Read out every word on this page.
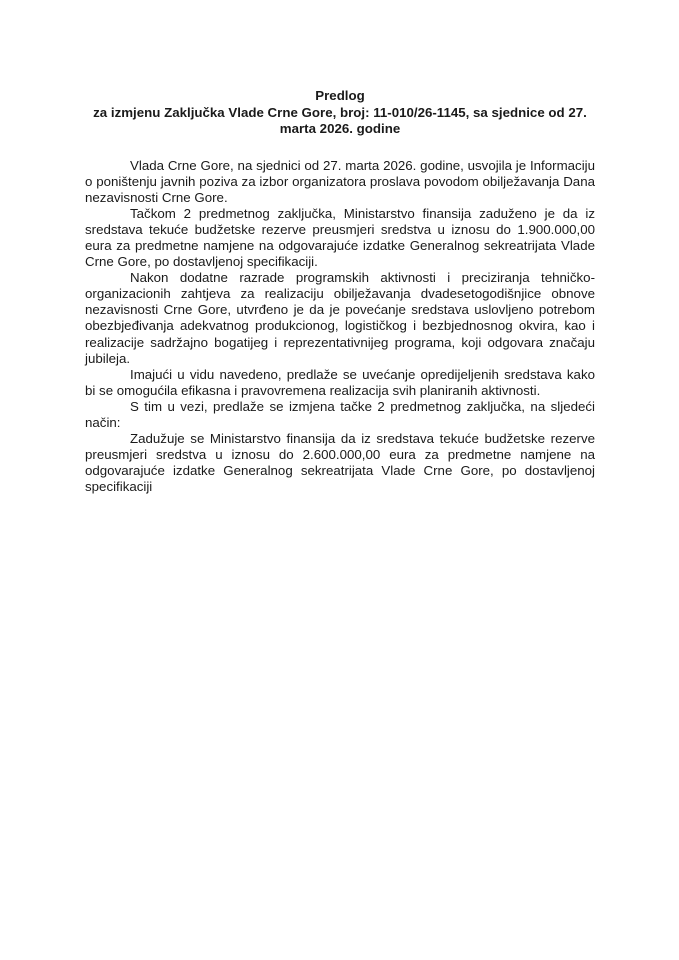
Predlog

za izmjenu Zaključka Vlade Crne Gore, broj: 11-010/26-1145, sa sjednice od 27.

marta 2026. godine

Vlada Crne Gore, na sjednici od 27. marta 2026. godine, usvojila je Informaciju o poništenju javnih poziva za izbor organizatora proslava povodom obilježavanja Dana nezavisnosti Crne Gore.

Tačkom 2 predmetnog zaključka, Ministarstvo finansija zaduženo je da iz sredstava tekuće budžetske rezerve preusmjeri sredstva u iznosu do 1.900.000,00 eura za predmetne namjene na odgovarajuće izdatke Generalnog sekreatrijata Vlade Crne Gore, po dostavljenoj specifikaciji.

Nakon dodatne razrade programskih aktivnosti i preciziranja tehničko-organizacionih zahtjeva za realizaciju obilježavanja dvadesetogodišnjice obnove nezavisnosti Crne Gore, utvrđeno je da je povećanje sredstava uslovljeno potrebom obezbjeđivanja adekvatnog produkcionog, logističkog i bezbjednosnog okvira, kao i realizacije sadržajno bogatijeg i reprezentativnijeg programa, koji odgovara značaju jubileja.

Imajući u vidu navedeno, predlaže se uvećanje opredijeljenih sredstava kako bi se omogućila efikasna i pravovremena realizacija svih planiranih aktivnosti.

S tim u vezi, predlaže se izmjena tačke 2 predmetnog zaključka, na sljedeći način:

Zadužuje se Ministarstvo finansija da iz sredstava tekuće budžetske rezerve preusmjeri sredstva u iznosu do 2.600.000,00 eura za predmetne namjene na odgovarajuće izdatke Generalnog sekreatrijata Vlade Crne Gore, po dostavljenoj specifikaciji
